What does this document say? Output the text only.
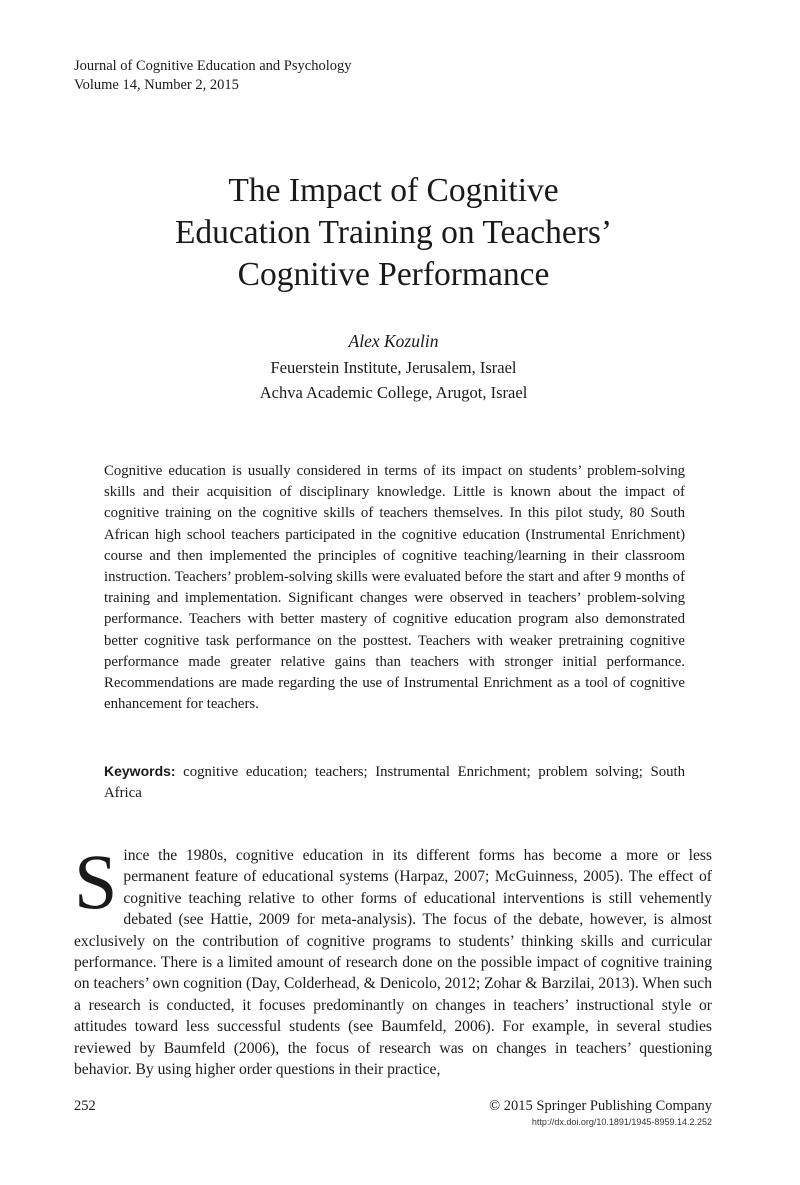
Journal of Cognitive Education and Psychology
Volume 14, Number 2, 2015
The Impact of Cognitive
Education Training on Teachers’
Cognitive Performance
Alex Kozulin
Feuerstein Institute, Jerusalem, Israel
Achva Academic College, Arugot, Israel

Cognitive education is usually considered in terms of its impact on students’ problem-solving skills and their acquisition of disciplinary knowledge. Little is known about the impact of cognitive training on the cognitive skills of teachers themselves. In this pilot study, 80 South African high school teachers participated in the cognitive education (Instrumental Enrichment) course and then implemented the principles of cognitive teaching/learning in their classroom instruction. Teachers’ problem-solving skills were evaluated before the start and after 9 months of training and implementation. Significant changes were observed in teachers’ problem-solving performance. Teachers with better mastery of cognitive education program also demonstrated better cognitive task performance on the posttest. Teachers with weaker pretraining cognitive performance made greater relative gains than teachers with stronger initial performance. Recommendations are made regarding the use of Instrumental Enrichment as a tool of cognitive enhancement for teachers.

Keywords: cognitive education; teachers; Instrumental Enrichment; problem solving; South Africa

Since the 1980s, cognitive education in its different forms has become a more or less permanent feature of educational systems (Harpaz, 2007; McGuinness, 2005). The effect of cognitive teaching relative to other forms of educational interventions is still vehemently debated (see Hattie, 2009 for meta-analysis). The focus of the debate, however, is almost exclusively on the contribution of cognitive programs to students’ thinking skills and curricular performance. There is a limited amount of research done on the possible impact of cognitive training on teachers’ own cognition (Day, Colderhead, & Denicolo, 2012; Zohar & Barzilai, 2013). When such a research is conducted, it focuses predominantly on changes in teachers’ instructional style or attitudes toward less successful students (see Baumfeld, 2006). For example, in several studies reviewed by Baumfeld (2006), the focus of research was on changes in teachers’ questioning behavior. By using higher order questions in their practice,

252	© 2015 Springer Publishing Company
http://dx.doi.org/10.1891/1945-8959.14.2.252
